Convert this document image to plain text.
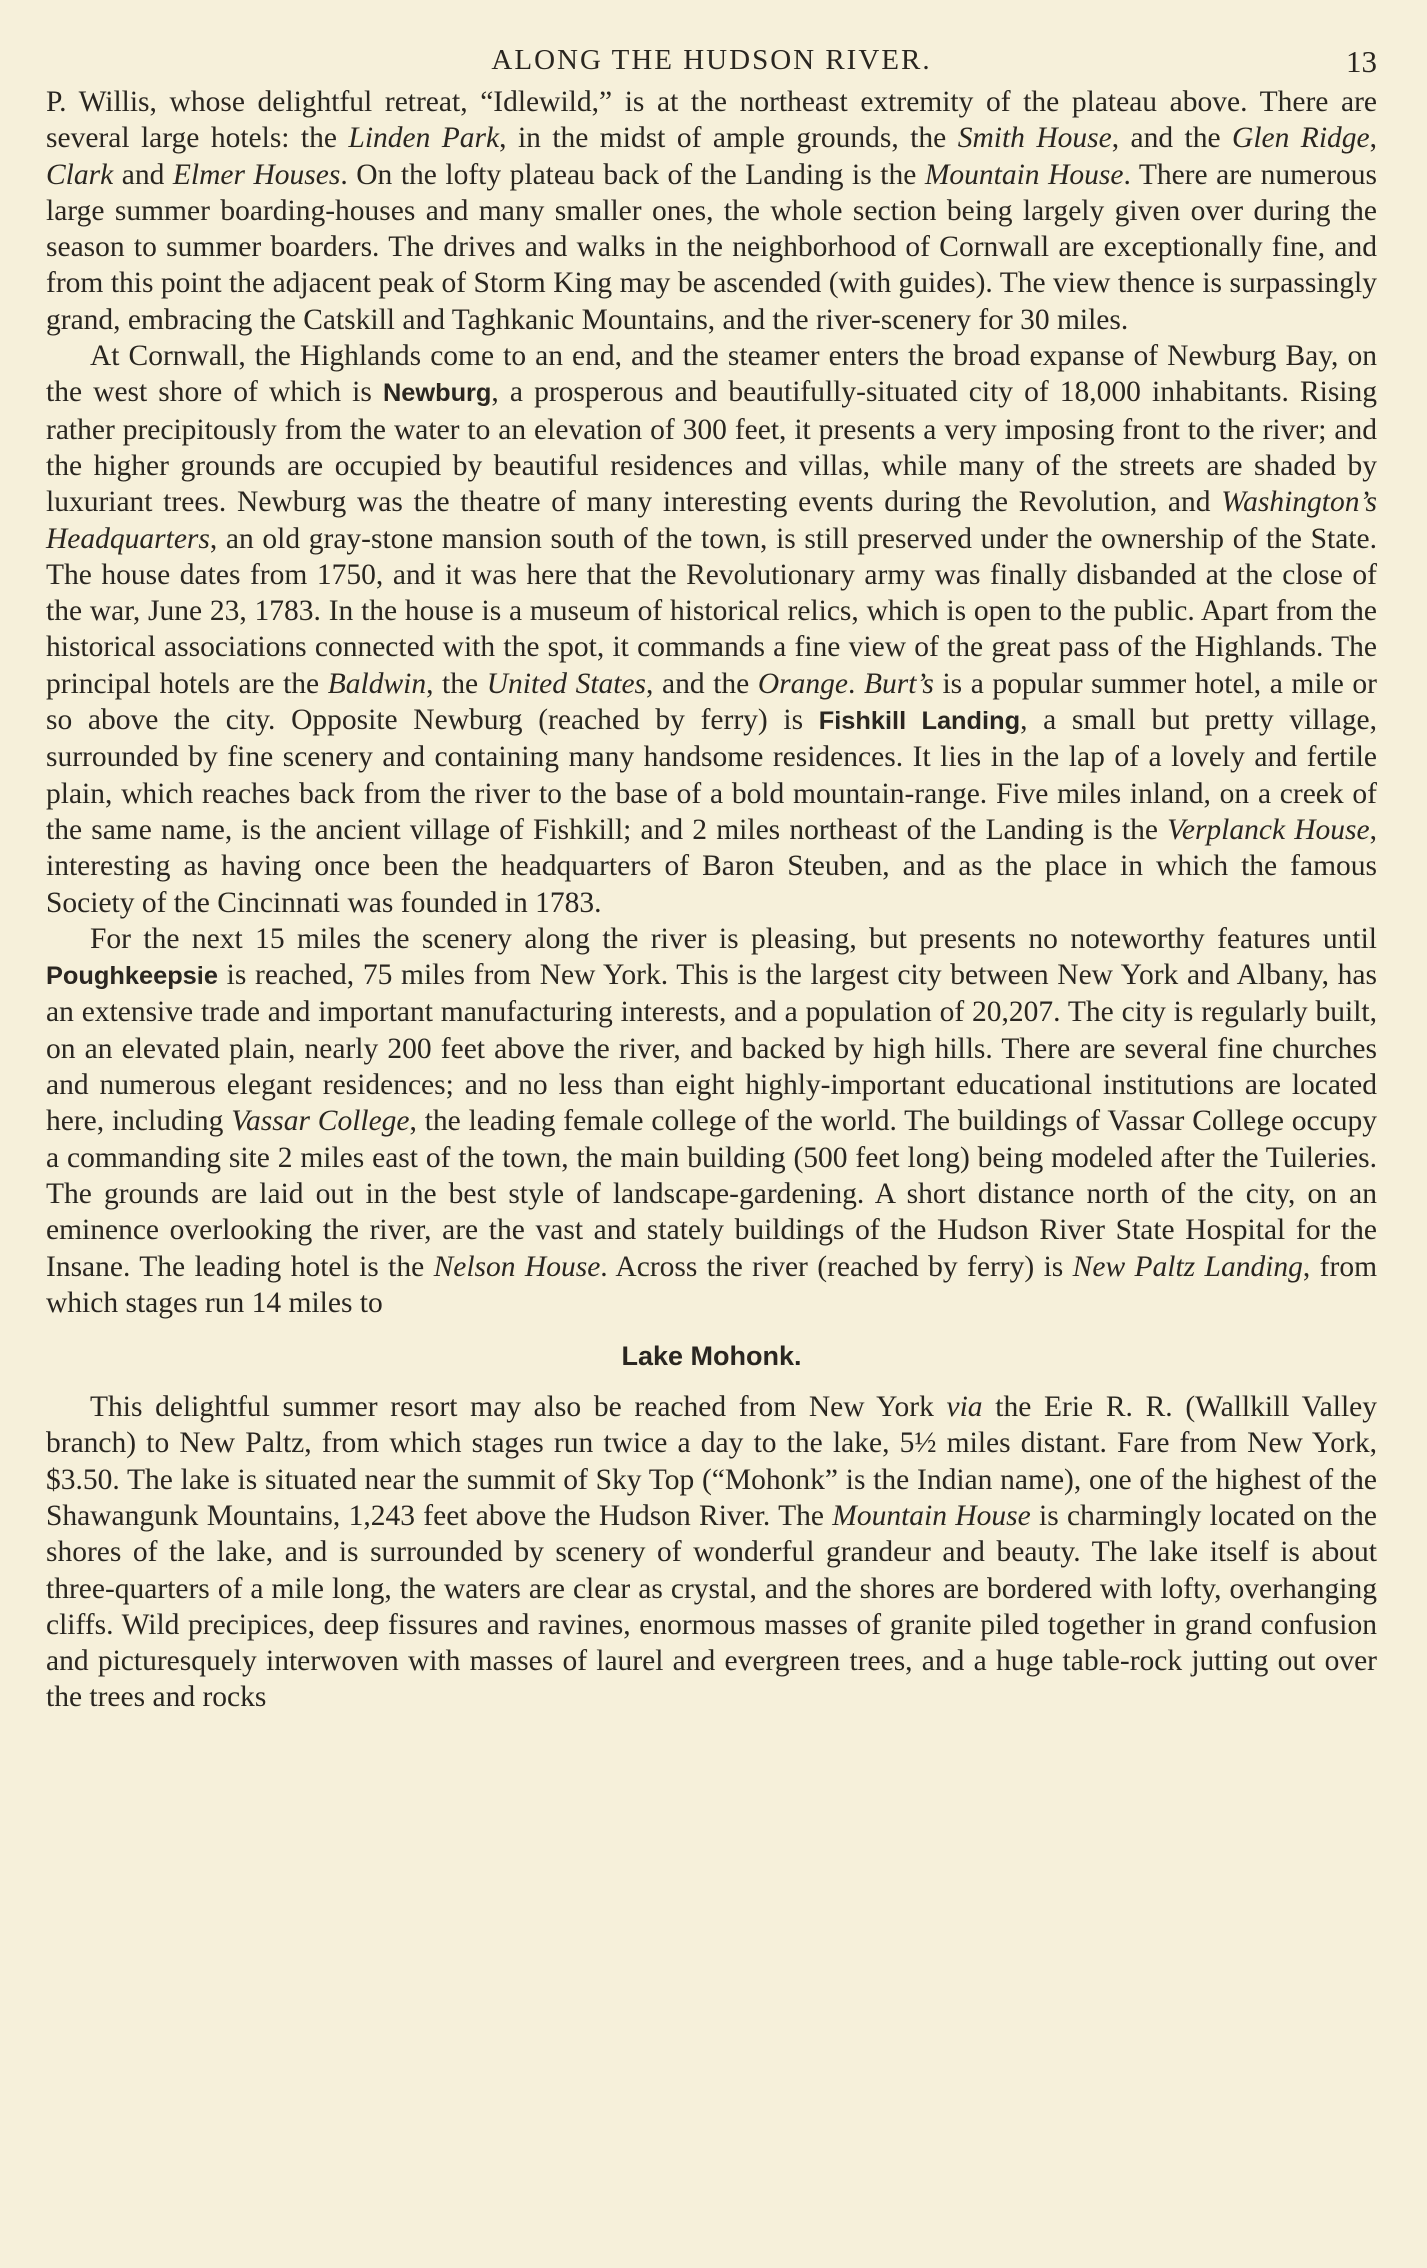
ALONG THE HUDSON RIVER.	13

P. Willis, whose delightful retreat, “Idlewild,” is at the northeast extremity of the plateau above. There are several large hotels: the Linden Park, in the midst of ample grounds, the Smith House, and the Glen Ridge, Clark and Elmer Houses. On the lofty plateau back of the Landing is the Mountain House. There are numerous large summer boarding-houses and many smaller ones, the whole section being largely given over during the season to summer boarders. The drives and walks in the neighborhood of Cornwall are exceptionally fine, and from this point the adjacent peak of Storm King may be ascended (with guides). The view thence is surpassingly grand, embracing the Catskill and Taghkanic Mountains, and the river-scenery for 30 miles.

At Cornwall, the Highlands come to an end, and the steamer enters the broad expanse of Newburg Bay, on the west shore of which is Newburg, a prosperous and beautifully-situated city of 18,000 inhabitants. Rising rather precipitously from the water to an elevation of 300 feet, it presents a very imposing front to the river; and the higher grounds are occupied by beautiful residences and villas, while many of the streets are shaded by luxuriant trees. Newburg was the theatre of many interesting events during the Revolution, and Washington’s Headquarters, an old gray-stone mansion south of the town, is still preserved under the ownership of the State. The house dates from 1750, and it was here that the Revolutionary army was finally disbanded at the close of the war, June 23, 1783. In the house is a museum of historical relics, which is open to the public. Apart from the historical associations connected with the spot, it commands a fine view of the great pass of the Highlands. The principal hotels are the Baldwin, the United States, and the Orange. Burt’s is a popular summer hotel, a mile or so above the city. Opposite Newburg (reached by ferry) is Fishkill Landing, a small but pretty village, surrounded by fine scenery and containing many handsome residences. It lies in the lap of a lovely and fertile plain, which reaches back from the river to the base of a bold mountain-range. Five miles inland, on a creek of the same name, is the ancient village of Fishkill; and 2 miles northeast of the Landing is the Verplanck House, interesting as having once been the headquarters of Baron Steuben, and as the place in which the famous Society of the Cincinnati was founded in 1783.

For the next 15 miles the scenery along the river is pleasing, but presents no noteworthy features until Poughkeepsie is reached, 75 miles from New York. This is the largest city between New York and Albany, has an extensive trade and important manufacturing interests, and a population of 20,207. The city is regularly built, on an elevated plain, nearly 200 feet above the river, and backed by high hills. There are several fine churches and numerous elegant residences; and no less than eight highly-important educational institutions are located here, including Vassar College, the leading female college of the world. The buildings of Vassar College occupy a commanding site 2 miles east of the town, the main building (500 feet long) being modeled after the Tuileries. The grounds are laid out in the best style of landscape-gardening. A short distance north of the city, on an eminence overlooking the river, are the vast and stately buildings of the Hudson River State Hospital for the Insane. The leading hotel is the Nelson House. Across the river (reached by ferry) is New Paltz Landing, from which stages run 14 miles to

Lake Mohonk.

This delightful summer resort may also be reached from New York via the Erie R. R. (Wallkill Valley branch) to New Paltz, from which stages run twice a day to the lake, 5½ miles distant. Fare from New York, $3.50. The lake is situated near the summit of Sky Top (“Mohonk” is the Indian name), one of the highest of the Shawangunk Mountains, 1,243 feet above the Hudson River. The Mountain House is charmingly located on the shores of the lake, and is surrounded by scenery of wonderful grandeur and beauty. The lake itself is about three-quarters of a mile long, the waters are clear as crystal, and the shores are bordered with lofty, overhanging cliffs. Wild precipices, deep fissures and ravines, enormous masses of granite piled together in grand confusion and picturesquely interwoven with masses of laurel and evergreen trees, and a huge table-rock jutting out over the trees and rocks
